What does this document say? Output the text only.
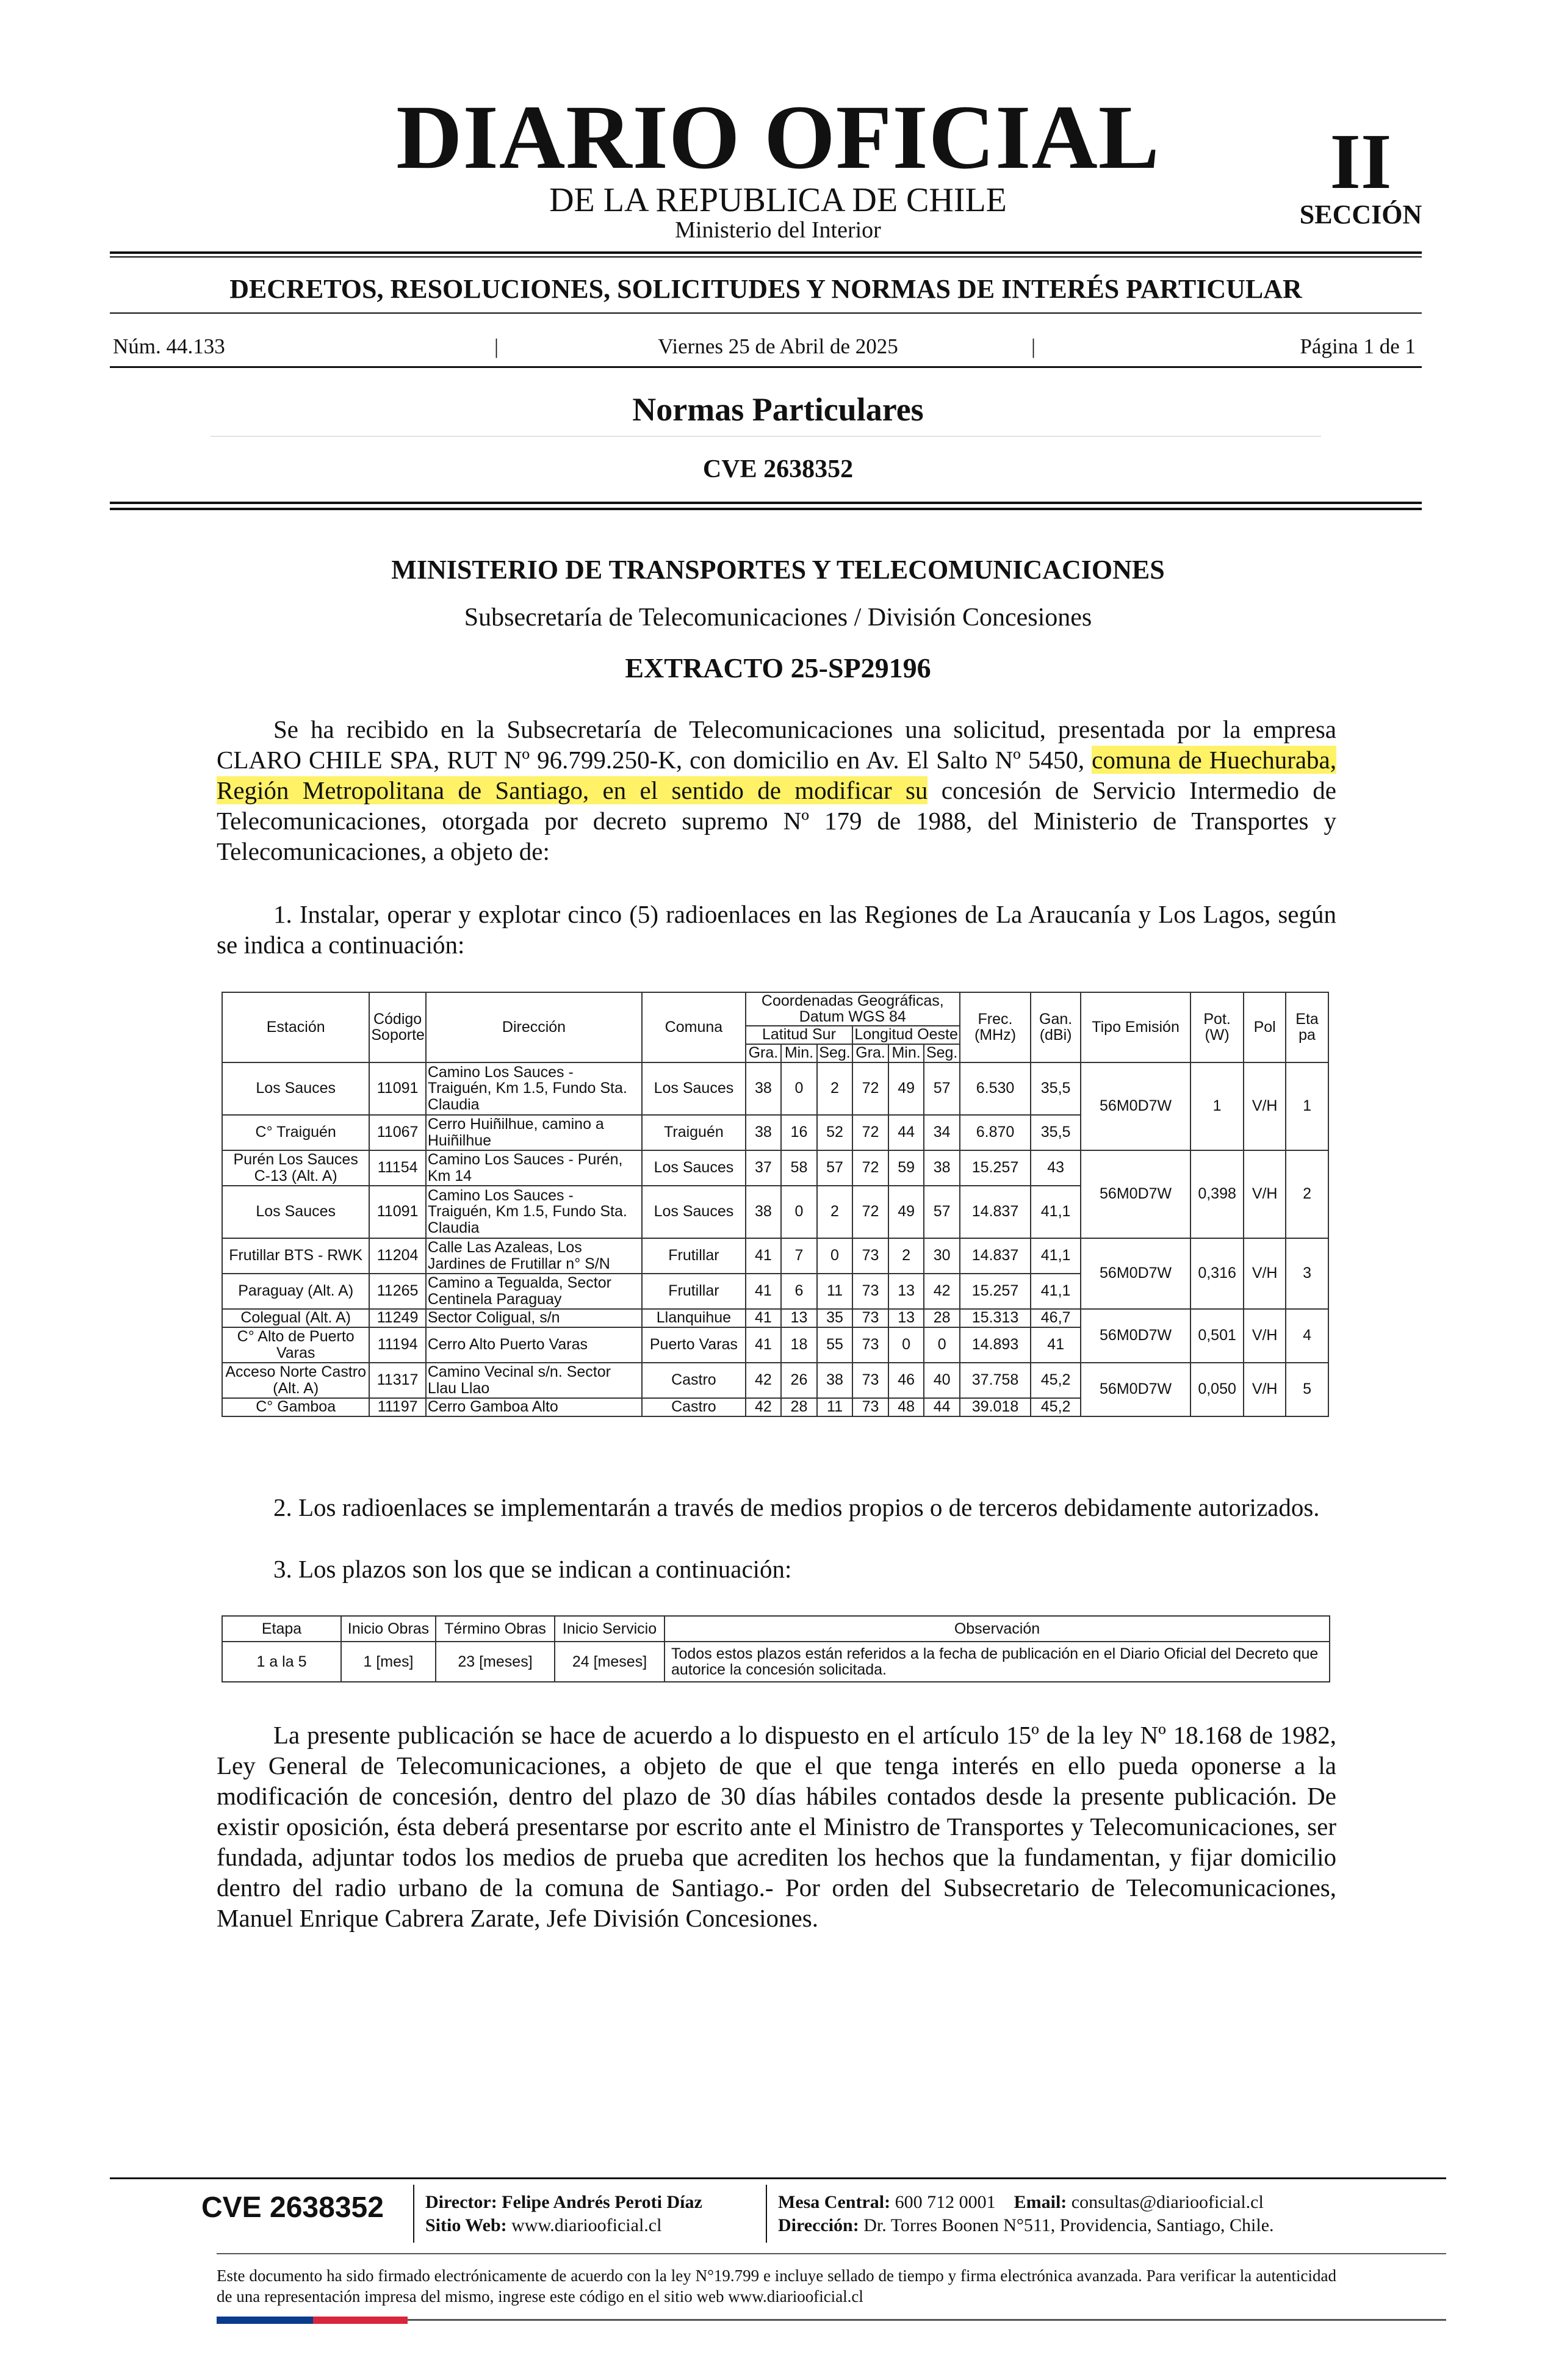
DIARIO OFICIAL
DE LA REPUBLICA DE CHILE
Ministerio del Interior
II
SECCIÓN
DECRETOS, RESOLUCIONES, SOLICITUDES Y NORMAS DE INTERÉS PARTICULAR
Núm. 44.133	|	Viernes 25 de Abril de 2025	|	Página 1 de 1
Normas Particulares
CVE 2638352
MINISTERIO DE TRANSPORTES Y TELECOMUNICACIONES
Subsecretaría de Telecomunicaciones / División Concesiones
EXTRACTO 25-SP29196
Se ha recibido en la Subsecretaría de Telecomunicaciones una solicitud, presentada por la empresa CLARO CHILE SPA, RUT Nº 96.799.250-K, con domicilio en Av. El Salto Nº 5450, comuna de Huechuraba, Región Metropolitana de Santiago, en el sentido de modificar su concesión de Servicio Intermedio de Telecomunicaciones, otorgada por decreto supremo Nº 179 de 1988, del Ministerio de Transportes y Telecomunicaciones, a objeto de:
1. Instalar, operar y explotar cinco (5) radioenlaces en las Regiones de La Araucanía y Los Lagos, según se indica a continuación:
Estación	Código Soporte	Dirección	Comuna	Coordenadas Geográficas, Datum WGS 84						Frec. (MHz)	Gan. (dBi)	Tipo Emisión	Pot. (W)	Pol	Eta pa
				Latitud Sur			Longitud Oeste								
				Gra.	Min.	Seg.	Gra.	Min.	Seg.						
Los Sauces	11091	Camino Los Sauces - Traiguén, Km 1.5, Fundo Sta. Claudia	Los Sauces	38	0	2	72	49	57	6.530	35,5	56M0D7W	1	V/H	1
C° Traiguén	11067	Cerro Huiñilhue, camino a Huiñilhue	Traiguén	38	16	52	72	44	34	6.870	35,5				
Purén Los Sauces C-13 (Alt. A)	11154	Camino Los Sauces - Purén, Km 14	Los Sauces	37	58	57	72	59	38	15.257	43	56M0D7W	0,398	V/H	2
Los Sauces	11091	Camino Los Sauces - Traiguén, Km 1.5, Fundo Sta. Claudia	Los Sauces	38	0	2	72	49	57	14.837	41,1				
Frutillar BTS - RWK	11204	Calle Las Azaleas, Los Jardines de Frutillar n° S/N	Frutillar	41	7	0	73	2	30	14.837	41,1	56M0D7W	0,316	V/H	3
Paraguay (Alt. A)	11265	Camino a Tegualda, Sector Centinela Paraguay	Frutillar	41	6	11	73	13	42	15.257	41,1				
Colegual (Alt. A)	11249	Sector Coligual, s/n	Llanquihue	41	13	35	73	13	28	15.313	46,7	56M0D7W	0,501	V/H	4
C° Alto de Puerto Varas	11194	Cerro Alto Puerto Varas	Puerto Varas	41	18	55	73	0	0	14.893	41				
Acceso Norte Castro (Alt. A)	11317	Camino Vecinal s/n. Sector Llau Llao	Castro	42	26	38	73	46	40	37.758	45,2	56M0D7W	0,050	V/H	5
C° Gamboa	11197	Cerro Gamboa Alto	Castro	42	28	11	73	48	44	39.018	45,2				
2. Los radioenlaces se implementarán a través de medios propios o de terceros debidamente autorizados.
3. Los plazos son los que se indican a continuación:
Etapa	Inicio Obras	Término Obras	Inicio Servicio	Observación
1 a la 5	1 [mes]	23 [meses]	24 [meses]	Todos estos plazos están referidos a la fecha de publicación en el Diario Oficial del Decreto que autorice la concesión solicitada.
La presente publicación se hace de acuerdo a lo dispuesto en el artículo 15º de la ley Nº 18.168 de 1982, Ley General de Telecomunicaciones, a objeto de que el que tenga interés en ello pueda oponerse a la modificación de concesión, dentro del plazo de 30 días hábiles contados desde la presente publicación. De existir oposición, ésta deberá presentarse por escrito ante el Ministro de Transportes y Telecomunicaciones, ser fundada, adjuntar todos los medios de prueba que acrediten los hechos que la fundamentan, y fijar domicilio dentro del radio urbano de la comuna de Santiago.- Por orden del Subsecretario de Telecomunicaciones, Manuel Enrique Cabrera Zarate, Jefe División Concesiones.
CVE 2638352	Director: Felipe Andrés Peroti Díaz
Sitio Web: www.diariooficial.cl
Mesa Central: 600 712 0001 Email: consultas@diariooficial.cl
Dirección: Dr. Torres Boonen N°511, Providencia, Santiago, Chile.
Este documento ha sido firmado electrónicamente de acuerdo con la ley N°19.799 e incluye sellado de tiempo y firma electrónica avanzada. Para verificar la autenticidad de una representación impresa del mismo, ingrese este código en el sitio web www.diariooficial.cl
